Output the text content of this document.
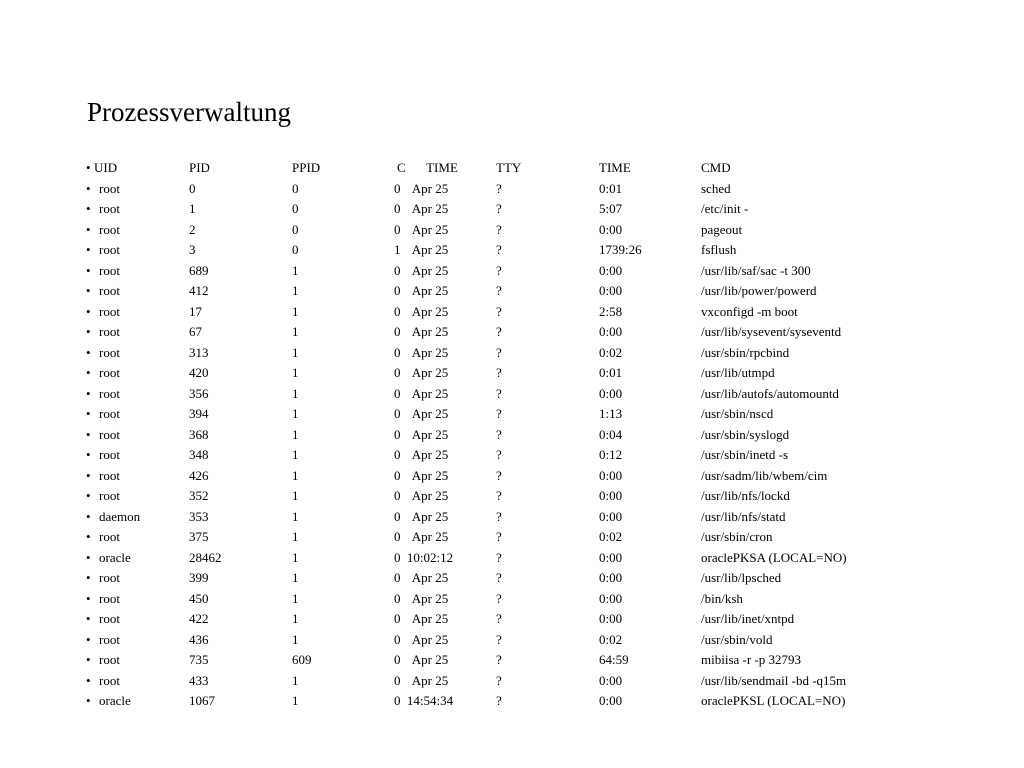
Prozessverwaltung
• UID	PID	PPID	C	TIME	TTY	TIME	CMD
• root	0	0	0 Apr 25	?	0:01	sched
• root	1	0	0 Apr 25	?	5:07	/etc/init -
• root	2	0	0 Apr 25	?	0:00	pageout
• root	3	0	1 Apr 25	?	1739:26	fsflush
• root	689	1	0 Apr 25	?	0:00	/usr/lib/saf/sac -t 300
• root	412	1	0 Apr 25	?	0:00	/usr/lib/power/powerd
• root	17	1	0 Apr 25	?	2:58	vxconfigd -m boot
• root	67	1	0 Apr 25	?	0:00	/usr/lib/sysevent/syseventd
• root	313	1	0 Apr 25	?	0:02	/usr/sbin/rpcbind
• root	420	1	0 Apr 25	?	0:01	/usr/lib/utmpd
• root	356	1	0 Apr 25	?	0:00	/usr/lib/autofs/automountd
• root	394	1	0 Apr 25	?	1:13	/usr/sbin/nscd
• root	368	1	0 Apr 25	?	0:04	/usr/sbin/syslogd
• root	348	1	0 Apr 25	?	0:12	/usr/sbin/inetd -s
• root	426	1	0 Apr 25	?	0:00	/usr/sadm/lib/wbem/cim
• root	352	1	0 Apr 25	?	0:00	/usr/lib/nfs/lockd
• daemon	353	1	0 Apr 25	?	0:00	/usr/lib/nfs/statd
• root	375	1	0 Apr 25	?	0:02	/usr/sbin/cron
• oracle	28462	1	0 10:02:12	?	0:00	oraclePKSA (LOCAL=NO)
• root	399	1	0 Apr 25	?	0:00	/usr/lib/lpsched
• root	450	1	0 Apr 25	?	0:00	/bin/ksh
• root	422	1	0 Apr 25	?	0:00	/usr/lib/inet/xntpd
• root	436	1	0 Apr 25	?	0:02	/usr/sbin/vold
• root	735	609	0 Apr 25	?	64:59	mibiisa -r -p 32793
• root	433	1	0 Apr 25	?	0:00	/usr/lib/sendmail -bd -q15m
• oracle	1067	1	0 14:54:34	?	0:00	oraclePKSL (LOCAL=NO)
